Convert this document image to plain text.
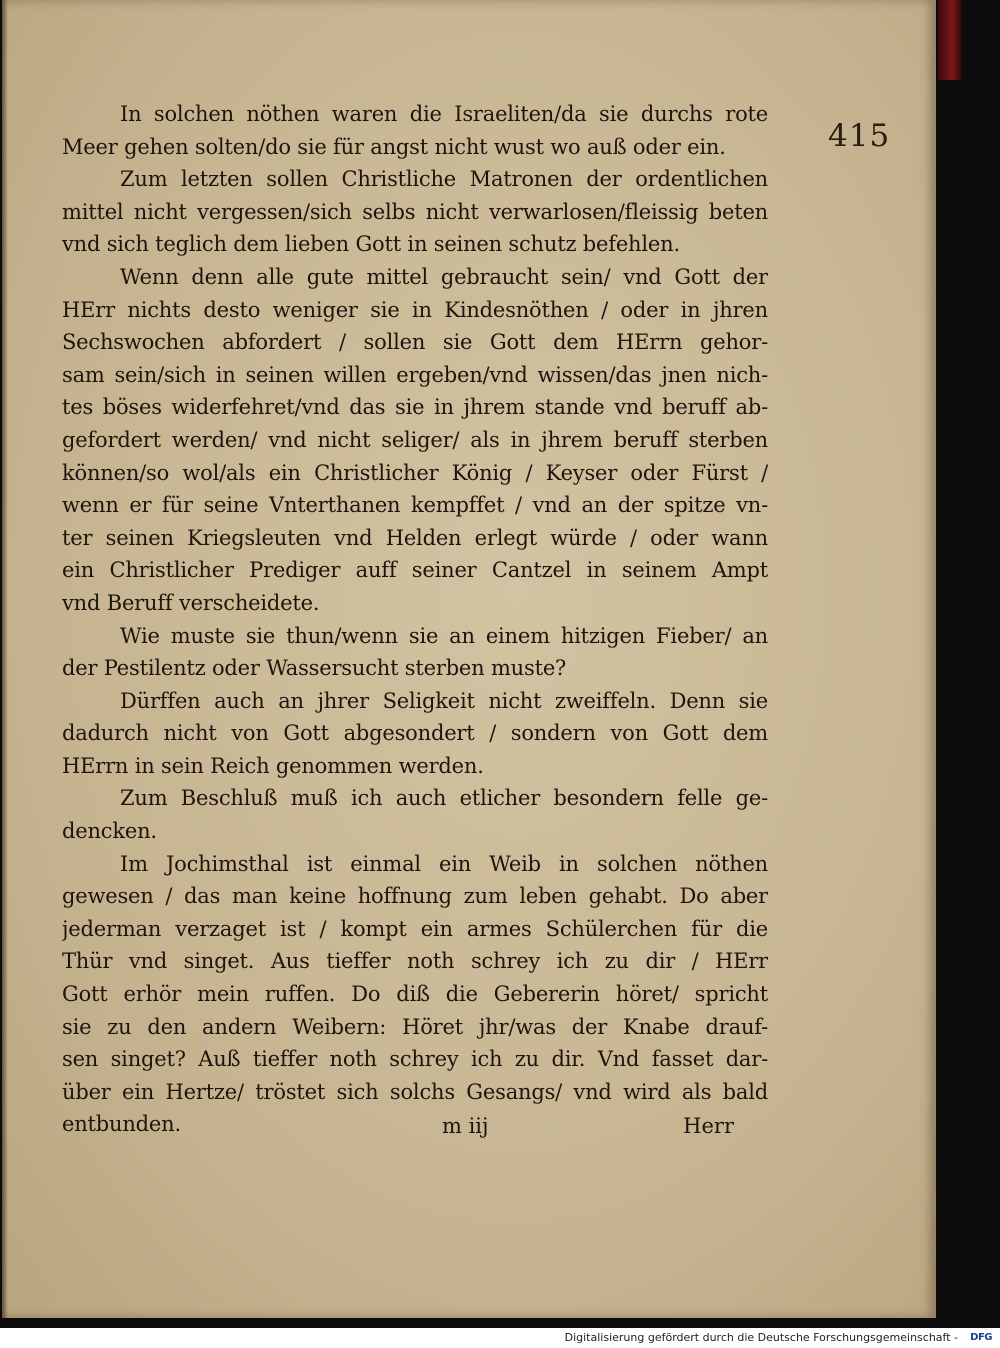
415
In solchen nöthen waren die Israeliten/da sie durchs rote
Meer gehen solten/do sie für angst nicht wust wo auß oder ein.
Zum letzten sollen Christliche Matronen der ordentlichen
mittel nicht vergessen/sich selbs nicht verwarlosen/fleissig beten
vnd sich teglich dem lieben Gott in seinen schutz befehlen.
Wenn denn alle gute mittel gebraucht sein/ vnd Gott der
HErr nichts desto weniger sie in Kindesnöthen / oder in jhren
Sechswochen abfordert / sollen sie Gott dem HErrn gehor-
sam sein/sich in seinen willen ergeben/vnd wissen/das jnen nich-
tes böses widerfehret/vnd das sie in jhrem stande vnd beruff ab-
gefordert werden/ vnd nicht seliger/ als in jhrem beruff sterben
können/so wol/als ein Christlicher König / Keyser oder Fürst /
wenn er für seine Vnterthanen kempffet / vnd an der spitze vn-
ter seinen Kriegsleuten vnd Helden erlegt würde / oder wann
ein Christlicher Prediger auff seiner Cantzel in seinem Ampt
vnd Beruff verscheidete.
Wie muste sie thun/wenn sie an einem hitzigen Fieber/ an
der Pestilentz oder Wassersucht sterben muste?
Dürffen auch an jhrer Seligkeit nicht zweiffeln. Denn sie
dadurch nicht von Gott abgesondert / sondern von Gott dem
HErrn in sein Reich genommen werden.
Zum Beschluß muß ich auch etlicher besondern felle ge-
dencken.
Im Jochimsthal ist einmal ein Weib in solchen nöthen
gewesen / das man keine hoffnung zum leben gehabt. Do aber
jederman verzaget ist / kompt ein armes Schülerchen für die
Thür vnd singet. Aus tieffer noth schrey ich zu dir / HErr
Gott erhör mein ruffen. Do diß die Gebererin höret/ spricht
sie zu den andern Weibern: Höret jhr/was der Knabe drauf-
sen singet? Auß tieffer noth schrey ich zu dir. Vnd fasset dar-
über ein Hertze/ tröstet sich solchs Gesangs/ vnd wird als bald
entbunden.	m iij	Herr
Digitalisierung gefördert durch die Deutsche Forschungsgemeinschaft - DFG
